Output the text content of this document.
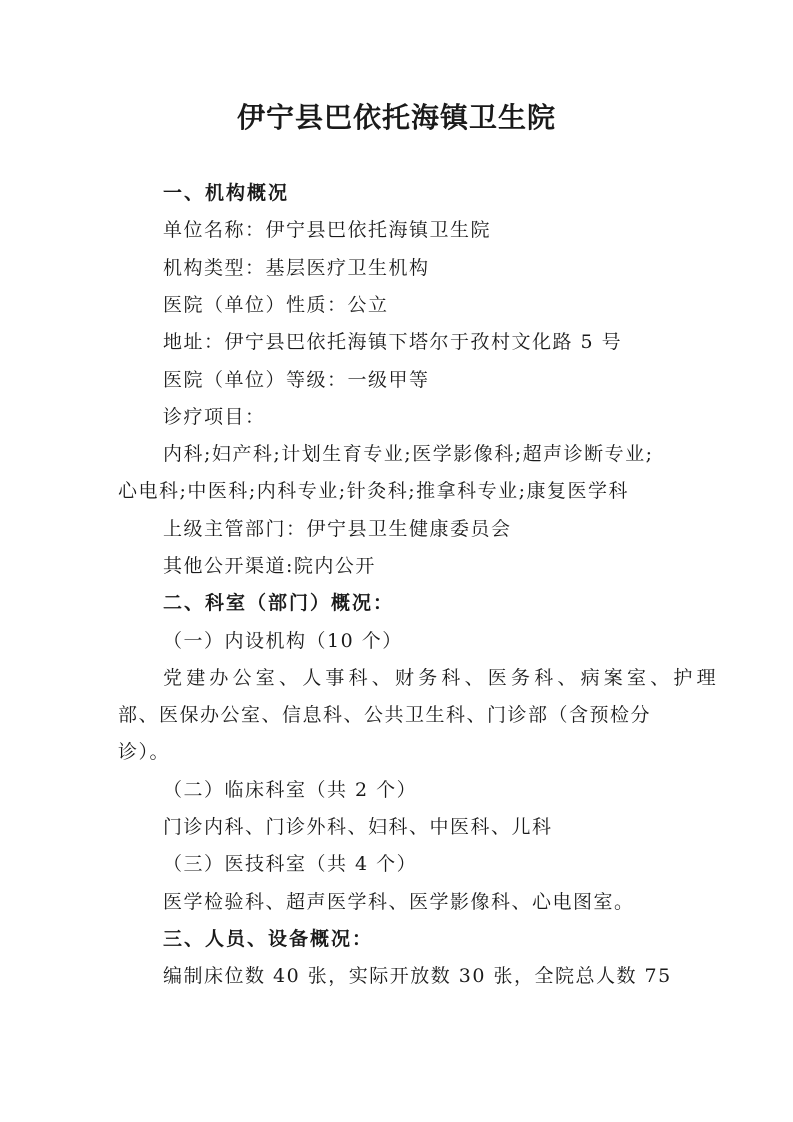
伊宁县巴依托海镇卫生院
一、机构概况
单位名称：伊宁县巴依托海镇卫生院
机构类型：基层医疗卫生机构
医院（单位）性质：公立
地址：伊宁县巴依托海镇下塔尔于孜村文化路 5 号
医院（单位）等级：一级甲等
诊疗项目：
内科;妇产科;计划生育专业;医学影像科;超声诊断专业;
心电科;中医科;内科专业;针灸科;推拿科专业;康复医学科
上级主管部门：伊宁县卫生健康委员会
其他公开渠道:院内公开
二、科室（部门）概况：
（一）内设机构（10 个）
党建办公室、人事科、财务科、医务科、病案室、护理
部、医保办公室、信息科、公共卫生科、门诊部（含预检分
诊）。
（二）临床科室（共 2 个）
门诊内科、门诊外科、妇科、中医科、儿科
（三）医技科室（共 4 个）
医学检验科、超声医学科、医学影像科、心电图室。
三、人员、设备概况：
编制床位数 40 张，实际开放数 30 张，全院总人数 75
